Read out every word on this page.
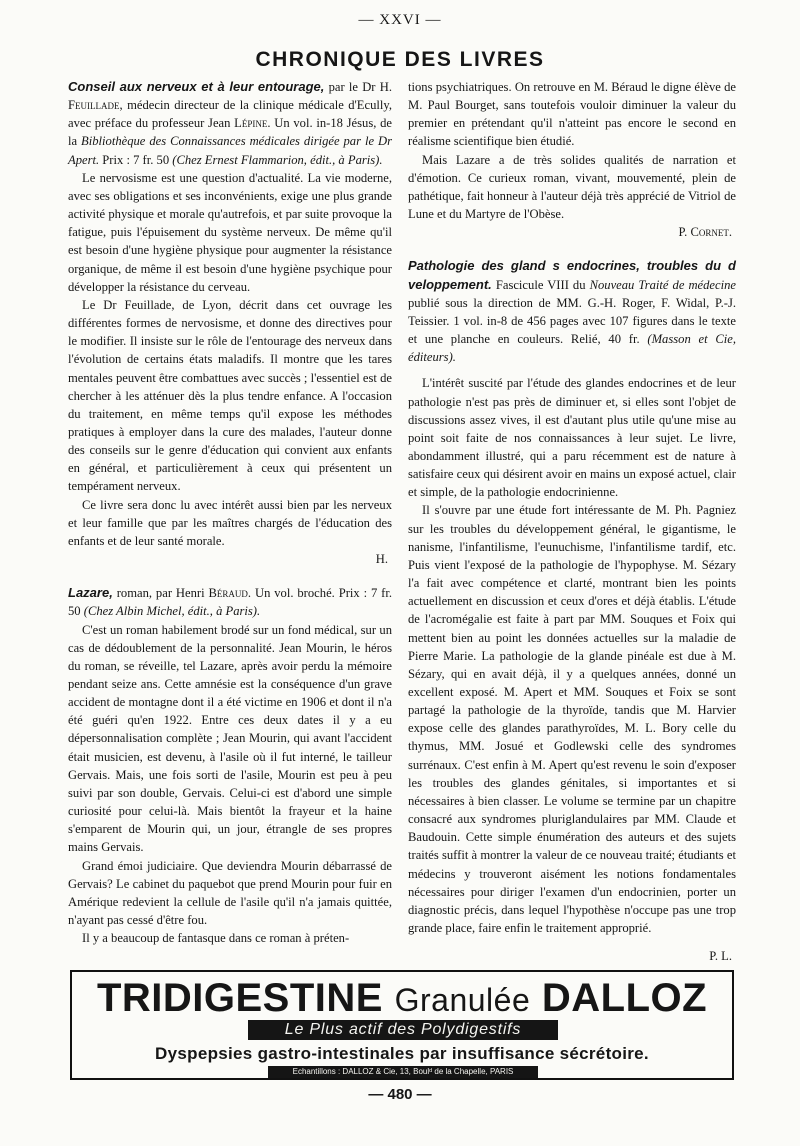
— XXVI —
CHRONIQUE DES LIVRES

Conseil aux nerveux et à leur entourage, par le Dr H. Feuillade, médecin directeur de la clinique médicale d'Ecully, avec préface du professeur Jean Lépine. Un vol. in-18 Jésus, de la Bibliothèque des Connaissances médicales dirigée par le Dr Apert. Prix : 7 fr. 50 (Chez Ernest Flammarion, édit., à Paris).

Le nervosisme est une question d'actualité. La vie moderne, avec ses obligations et ses inconvénients, exige une plus grande activité physique et morale qu'autrefois, et par suite provoque la fatigue, puis l'épuisement du système nerveux. De même qu'il est besoin d'une hygiène physique pour augmenter la résistance organique, de même il est besoin d'une hygiène psychique pour développer la résistance du cerveau.

Le Dr Feuillade, de Lyon, décrit dans cet ouvrage les différentes formes de nervosisme, et donne des directives pour le modifier. Il insiste sur le rôle de l'entourage des nerveux dans l'évolution de certains états maladifs. Il montre que les tares mentales peuvent être combattues avec succès ; l'essentiel est de chercher à les atténuer dès la plus tendre enfance. A l'occasion du traitement, en même temps qu'il expose les méthodes pratiques à employer dans la cure des malades, l'auteur donne des conseils sur le genre d'éducation qui convient aux enfants en général, et particulièrement à ceux qui présentent un tempérament nerveux.

Ce livre sera donc lu avec intérêt aussi bien par les nerveux et leur famille que par les maîtres chargés de l'éducation des enfants et de leur santé morale.

H.

Lazare, roman, par Henri Béraud. Un vol. broché. Prix : 7 fr. 50 (Chez Albin Michel, édit., à Paris).

C'est un roman habilement brodé sur un fond médical, sur un cas de dédoublement de la personnalité. Jean Mourin, le héros du roman, se réveille, tel Lazare, après avoir perdu la mémoire pendant seize ans. Cette amnésie est la conséquence d'un grave accident de montagne dont il a été victime en 1906 et dont il n'a été guéri qu'en 1922. Entre ces deux dates il y a eu dépersonnalisation complète ; Jean Mourin, qui avant l'accident était musicien, est devenu, à l'asile où il fut interné, le tailleur Gervais. Mais, une fois sorti de l'asile, Mourin est peu à peu suivi par son double, Gervais. Celui-ci est d'abord une simple curiosité pour celui-là. Mais bientôt la frayeur et la haine s'emparent de Mourin qui, un jour, étrangle de ses propres mains Gervais.

Grand émoi judiciaire. Que deviendra Mourin débarrassé de Gervais? Le cabinet du paquebot que prend Mourin pour fuir en Amérique redevient la cellule de l'asile qu'il n'a jamais quittée, n'ayant pas cessé d'être fou.

Il y a beaucoup de fantasque dans ce roman à préten-

tions psychiatriques. On retrouve en M. Béraud le digne élève de M. Paul Bourget, sans toutefois vouloir diminuer la valeur du premier en prétendant qu'il n'atteint pas encore le second en réalisme scientifique bien étudié.

Mais Lazare a de très solides qualités de narration et d'émotion. Ce curieux roman, vivant, mouvementé, plein de pathétique, fait honneur à l'auteur déjà très apprécié de Vitriol de Lune et du Martyre de l'Obèse.

P. Cornet.

Pathologie des gland s endocrines, troubles du d veloppement. Fascicule VIII du Nouveau Traité de médecine publié sous la direction de MM. G.-H. Roger, F. Widal, P.-J. Teissier. 1 vol. in-8 de 456 pages avec 107 figures dans le texte et une planche en couleurs. Relié, 40 fr. (Masson et Cie, éditeurs).

L'intérêt suscité par l'étude des glandes endocrines et de leur pathologie n'est pas près de diminuer et, si elles sont l'objet de discussions assez vives, il est d'autant plus utile qu'une mise au point soit faite de nos connaissances à leur sujet. Le livre, abondamment illustré, qui a paru récemment est de nature à satisfaire ceux qui désirent avoir en mains un exposé actuel, clair et simple, de la pathologie endocrinienne.

Il s'ouvre par une étude fort intéressante de M. Ph. Pagniez sur les troubles du développement général, le gigantisme, le nanisme, l'infantilisme, l'eunuchisme, l'infantilisme tardif, etc. Puis vient l'exposé de la pathologie de l'hypophyse. M. Sézary l'a fait avec compétence et clarté, montrant bien les points actuellement en discussion et ceux d'ores et déjà établis. L'étude de l'acromégalie est faite à part par MM. Souques et Foix qui mettent bien au point les données actuelles sur la maladie de Pierre Marie. La pathologie de la glande pinéale est due à M. Sézary, qui en avait déjà, il y a quelques années, donné un excellent exposé. M. Apert et MM. Souques et Foix se sont partagé la pathologie de la thyroïde, tandis que M. Harvier expose celle des glandes parathyroïdes, M. L. Bory celle du thymus, MM. Josué et Godlewski celle des syndromes surrénaux. C'est enfin à M. Apert qu'est revenu le soin d'exposer les troubles des glandes génitales, si importantes et si nécessaires à bien classer. Le volume se termine par un chapitre consacré aux syndromes pluriglandulaires par MM. Claude et Baudouin. Cette simple énumération des auteurs et des sujets traités suffit à montrer la valeur de ce nouveau traité; étudiants et médecins y trouveront aisément les notions fondamentales nécessaires pour diriger l'examen d'un endocrinien, porter un diagnostic précis, dans lequel l'hypothèse n'occupe pas une trop grande place, faire enfin le traitement approprié.

P. L.

TRIDIGESTINE Granulée DALLOZ
Le Plus actif des Polydigestifs
Dyspepsies gastro-intestinales par insuffisance sécrétoire.
Echantillons : DALLOZ & Cie, 13, Boulᵈ de la Chapelle, PARIS
— 480 —
